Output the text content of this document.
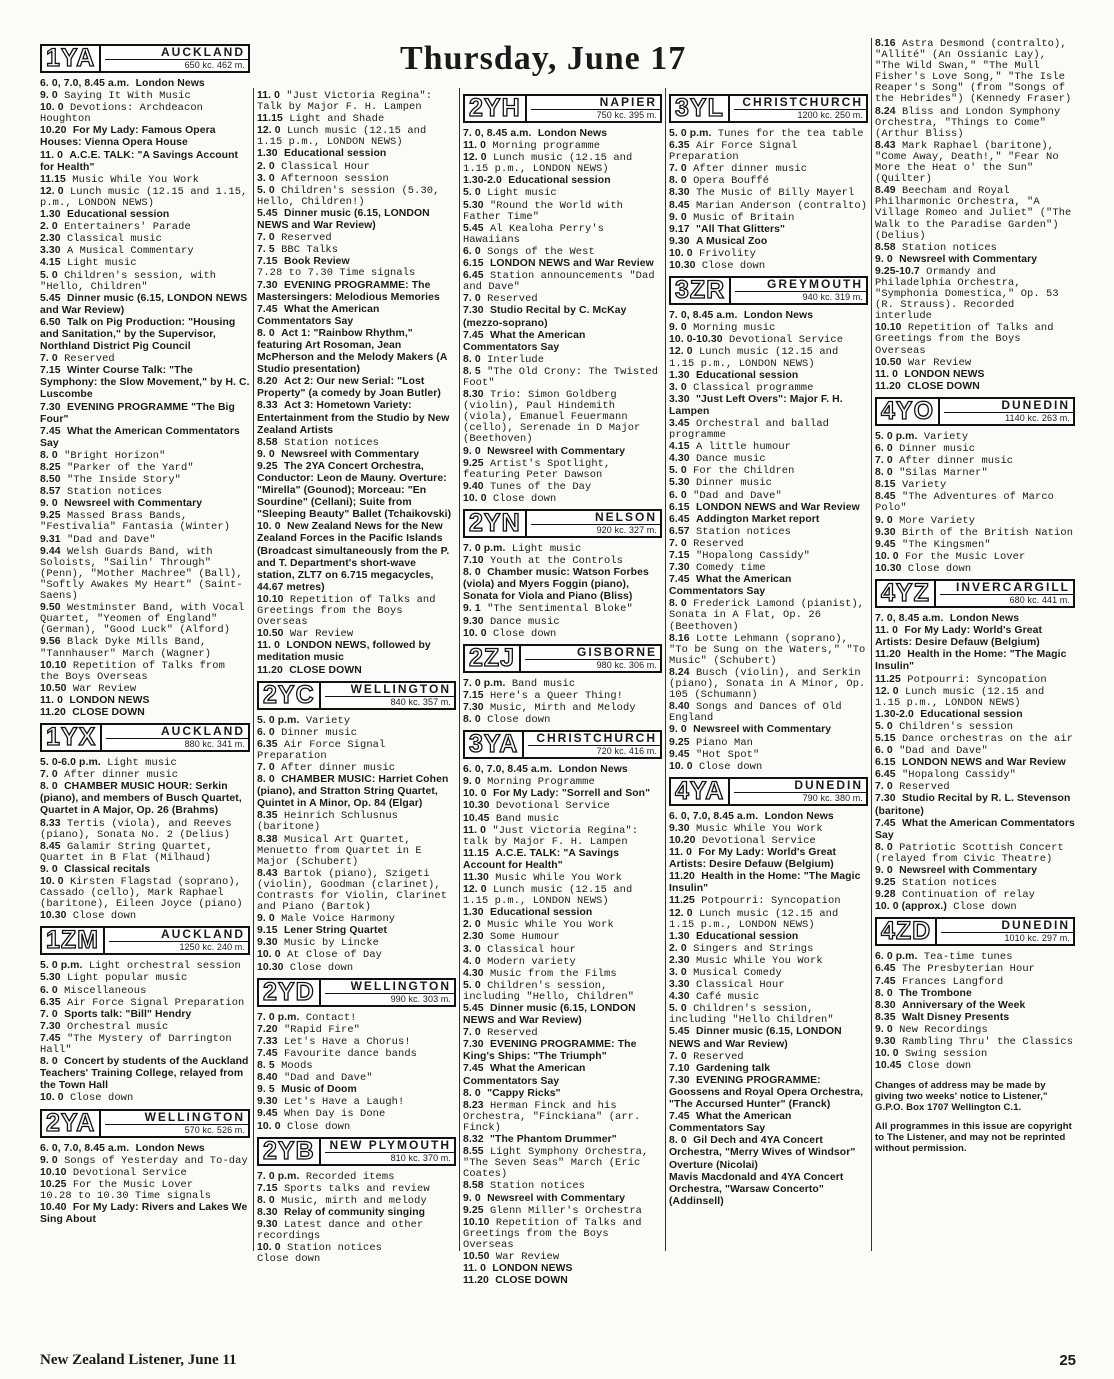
Thursday, June 17
1YA	AUCKLAND
650 kc. 462 m.
6. 0, 7.0, 8.45 a.m. London News
9. 0 Saying It With Music
10. 0 Devotions: Archdeacon Houghton
10.20 For My Lady: Famous Opera Houses: Vienna Opera House
11. 0 A.C.E. TALK: "A Savings Account for Health"
11.15 Music While You Work
12. 0 Lunch music (12.15 and 1.15, p.m., LONDON NEWS)
1.30 Educational session
2. 0 Entertainers' Parade
2.30 Classical music
3.30 A Musical Commentary
4.15 Light music
5. 0 Children's session, with "Hello, Children"
5.45 Dinner music (6.15, LONDON NEWS and War Review)
6.50 Talk on Pig Production: "Housing and Sanitation," by the Supervisor, Northland District Pig Council
7. 0 Reserved
7.15 Winter Course Talk: "The Symphony: the Slow Movement," by H. C. Luscombe
7.30 EVENING PROGRAMME "The Big Four"
7.45 What the American Commentators Say
8. 0 "Bright Horizon"
8.25 "Parker of the Yard"
8.50 "The Inside Story"
8.57 Station notices
9. 0 Newsreel with Commentary
9.25 Massed Brass Bands, "Festivalia" Fantasia (Winter)
9.31 "Dad and Dave"
9.44 Welsh Guards Band, with Soloists, "Sailin' Through" (Penn), "Mother Machree" (Ball), "Softly Awakes My Heart" (Saint-Saens)
9.50 Westminster Band, with Vocal Quartet, "Yeomen of England" (German), "Good Luck" (Alford)
9.56 Black Dyke Mills Band, "Tannhauser" March (Wagner)
10.10 Repetition of Talks from the Boys Overseas
10.50 War Review
11. 0 LONDON NEWS
11.20 CLOSE DOWN
1YX	AUCKLAND
880 kc. 341 m.
5. 0-6.0 p.m. Light music
7. 0 After dinner music
8. 0 CHAMBER MUSIC HOUR: Serkin (piano), and members of Busch Quartet, Quartet in A Major, Op. 26 (Brahms)
8.33 Tertis (viola), and Reeves (piano), Sonata No. 2 (Delius)
8.45 Galamir String Quartet, Quartet in B Flat (Milhaud)
9. 0 Classical recitals
10. 0 Kirsten Flagstad (soprano), Cassado (cello), Mark Raphael (baritone), Eileen Joyce (piano)
10.30 Close down
1ZM	AUCKLAND
1250 kc. 240 m.
5. 0 p.m. Light orchestral session
5.30 Light popular music
6. 0 Miscellaneous
6.35 Air Force Signal Preparation
7. 0 Sports talk: "Bill" Hendry
7.30 Orchestral music
7.45 "The Mystery of Darrington Hall"
8. 0 Concert by students of the Auckland Teachers' Training College, relayed from the Town Hall
10. 0 Close down
2YA	WELLINGTON
570 kc. 526 m.
6. 0, 7.0, 8.45 a.m. London News
9. 0 Songs of Yesterday and To-day
10.10 Devotional Service
10.25 For the Music Lover
10.28 to 10.30 Time signals
10.40 For My Lady: Rivers and Lakes We Sing About
11. 0 "Just Victoria Regina": Talk by Major F. H. Lampen
11.15 Light and Shade
12. 0 Lunch music (12.15 and 1.15 p.m., LONDON NEWS)
1.30 Educational session
2. 0 Classical Hour
3. 0 Afternoon session
5. 0 Children's session (5.30, Hello, Children!)
5.45 Dinner music (6.15, LONDON NEWS and War Review)
7. 0 Reserved
7. 5 BBC Talks
7.15 Book Review
7.28 to 7.30 Time signals
7.30 EVENING PROGRAMME: The Mastersingers: Melodious Memories
7.45 What the American Commentators Say
8. 0 Act 1: "Rainbow Rhythm," featuring Art Rosoman, Jean McPherson and the Melody Makers (A Studio presentation)
8.20 Act 2: Our new Serial: "Lost Property" (a comedy by Joan Butler)
8.33 Act 3: Hometown Variety: Entertainment from the Studio by New Zealand Artists
8.58 Station notices
9. 0 Newsreel with Commentary
9.25 The 2YA Concert Orchestra, Conductor: Leon de Mauny. Overture: "Mirella" (Gounod); Morceau: "En Sourdine" (Cellani); Suite from "Sleeping Beauty" Ballet (Tchaikovski)
10. 0 New Zealand News for the New Zealand Forces in the Pacific Islands (Broadcast simultaneously from the P. and T. Department's short-wave station, ZLT7 on 6.715 megacycles, 44.67 metres)
10.10 Repetition of Talks and Greetings from the Boys Overseas
10.50 War Review
11. 0 LONDON NEWS, followed by meditation music
11.20 CLOSE DOWN
2YC	WELLINGTON
840 kc. 357 m.
5. 0 p.m. Variety
6. 0 Dinner music
6.35 Air Force Signal Preparation
7. 0 After dinner music
8. 0 CHAMBER MUSIC: Harriet Cohen (piano), and Stratton String Quartet, Quintet in A Minor, Op. 84 (Elgar)
8.35 Heinrich Schlusnus (baritone)
8.38 Musical Art Quartet, Menuetto from Quartet in E Major (Schubert)
8.43 Bartok (piano), Szigeti (violin), Goodman (clarinet), Contrasts for Violin, Clarinet and Piano (Bartok)
9. 0 Male Voice Harmony
9.15 Lener String Quartet
9.30 Music by Lincke
10. 0 At Close of Day
10.30 Close down
2YD	WELLINGTON
990 kc. 303 m.
7. 0 p.m. Contact!
7.20 "Rapid Fire"
7.33 Let's Have a Chorus!
7.45 Favourite dance bands
8. 5 Moods
8.40 "Dad and Dave"
9. 5 Music of Doom
9.30 Let's Have a Laugh!
9.45 When Day is Done
10. 0 Close down
2YB	NEW PLYMOUTH
810 kc. 370 m.
7. 0 p.m. Recorded items
7.15 Sports talks and review
8. 0 Music, mirth and melody
8.30 Relay of community singing
9.30 Latest dance and other recordings
10. 0 Station notices
Close down
2YH	NAPIER
750 kc. 395 m.
7. 0, 8.45 a.m. London News
11. 0 Morning programme
12. 0 Lunch music (12.15 and 1.15 p.m., LONDON NEWS)
1.30-2.0 Educational session
5. 0 Light music
5.30 "Round the World with Father Time"
5.45 Al Kealoha Perry's Hawaiians
6. 0 Songs of the West
6.15 LONDON NEWS and War Review
6.45 Station announcements "Dad and Dave"
7. 0 Reserved
7.30 Studio Recital by C. McKay (mezzo-soprano)
7.45 What the American Commentators Say
8. 0 Interlude
8. 5 "The Old Crony: The Twisted Foot"
8.30 Trio: Simon Goldberg (violin), Paul Hindemith (viola), Emanuel Feuermann (cello), Serenade in D Major (Beethoven)
9. 0 Newsreel with Commentary
9.25 Artist's Spotlight, featuring Peter Dawson
9.40 Tunes of the Day
10. 0 Close down
2YN	NELSON
920 kc. 327 m.
7. 0 p.m. Light music
7.10 Youth at the Controls
8. 0 Chamber music: Watson Forbes (viola) and Myers Foggin (piano), Sonata for Viola and Piano (Bliss)
9. 1 "The Sentimental Bloke"
9.30 Dance music
10. 0 Close down
2ZJ	GISBORNE
980 kc. 306 m.
7. 0 p.m. Band music
7.15 Here's a Queer Thing!
7.30 Music, Mirth and Melody
8. 0 Close down
3YA	CHRISTCHURCH
720 kc. 416 m.
6. 0, 7.0, 8.45 a.m. London News
9. 0 Morning Programme
10. 0 For My Lady: "Sorrell and Son"
10.30 Devotional Service
10.45 Band music
11. 0 "Just Victoria Regina": talk by Major F. H. Lampen
11.15 A.C.E. TALK: "A Savings Account for Health"
11.30 Music While You Work
12. 0 Lunch music (12.15 and 1.15 p.m., LONDON NEWS)
1.30 Educational session
2. 0 Music While You Work
2.30 Some Humour
3. 0 Classical hour
4. 0 Modern variety
4.30 Music from the Films
5. 0 Children's session, including "Hello, Children"
5.45 Dinner music (6.15, LONDON NEWS and War Review)
7. 0 Reserved
7.30 EVENING PROGRAMME: The King's Ships: "The Triumph"
7.45 What the American Commentators Say
8. 0 "Cappy Ricks"
8.23 Herman Finck and his Orchestra, "Finckiana" (arr. Finck)
8.32 "The Phantom Drummer"
8.55 Light Symphony Orchestra, "The Seven Seas" March (Eric Coates)
8.58 Station notices
9. 0 Newsreel with Commentary
9.25 Glenn Miller's Orchestra
10.10 Repetition of Talks and Greetings from the Boys Overseas
10.50 War Review
11. 0 LONDON NEWS
11.20 CLOSE DOWN
3YL	CHRISTCHURCH
1200 kc. 250 m.
5. 0 p.m. Tunes for the tea table
6.35 Air Force Signal Preparation
7. 0 After dinner music
8. 0 Opera Bouffé
8.30 The Music of Billy Mayerl
8.45 Marian Anderson (contralto)
9. 0 Music of Britain
9.17 "All That Glitters"
9.30 A Musical Zoo
10. 0 Frivolity
10.30 Close down
3ZR	GREYMOUTH
940 kc. 319 m.
7. 0, 8.45 a.m. London News
9. 0 Morning music
10. 0-10.30 Devotional Service
12. 0 Lunch music (12.15 and 1.15 p.m., LONDON NEWS)
1.30 Educational session
3. 0 Classical programme
3.30 "Just Left Overs": Major F. H. Lampen
3.45 Orchestral and ballad programme
4.15 A little humour
4.30 Dance music
5. 0 For the Children
5.30 Dinner music
6. 0 "Dad and Dave"
6.15 LONDON NEWS and War Review
6.45 Addington Market report
6.57 Station notices
7. 0 Reserved
7.15 "Hopalong Cassidy"
7.30 Comedy time
7.45 What the American Commentators Say
8. 0 Frederick Lamond (pianist), Sonata in A Flat, Op. 26 (Beethoven)
8.16 Lotte Lehmann (soprano), "To be Sung on the Waters," "To Music" (Schubert)
8.24 Busch (violin), and Serkin (piano), Sonata in A Minor, Op. 105 (Schumann)
8.40 Songs and Dances of Old England
9. 0 Newsreel with Commentary
9.25 Piano Man
9.45 "Hot Spot"
10. 0 Close down
4YA	DUNEDIN
790 kc. 380 m.
6. 0, 7.0, 8.45 a.m. London News
9.30 Music While You Work
10.20 Devotional Service
11. 0 For My Lady: World's Great Artists: Desire Defauw (Belgium)
11.20 Health in the Home: "The Magic Insulin"
11.25 Potpourri: Syncopation
12. 0 Lunch music (12.15 and 1.15 p.m., LONDON NEWS)
1.30 Educational session
2. 0 Singers and Strings
2.30 Music While You Work
3. 0 Musical Comedy
3.30 Classical Hour
4.30 Café music
5. 0 Children's session, including "Hello Children"
5.45 Dinner music (6.15, LONDON NEWS and War Review)
7. 0 Reserved
7.10 Gardening talk
7.30 EVENING PROGRAMME: Goossens and Royal Opera Orchestra, "The Accursed Hunter" (Franck)
7.45 What the American Commentators Say
8. 0 Gil Dech and 4YA Concert Orchestra, "Merry Wives of Windsor" Overture (Nicolai)
Mavis Macdonald and 4YA Concert Orchestra, "Warsaw Concerto" (Addinsell)
8.16 Astra Desmond (contralto), "Allité" (An Ossianic Lay), "The Wild Swan," "The Mull Fisher's Love Song," "The Isle Reaper's Song" (from "Songs of the Hebrides") (Kennedy Fraser)
8.24 Bliss and London Symphony Orchestra, "Things to Come" (Arthur Bliss)
8.43 Mark Raphael (baritone), "Come Away, Death!," "Fear No More the Heat o' the Sun" (Quilter)
8.49 Beecham and Royal Philharmonic Orchestra, "A Village Romeo and Juliet" ("The Walk to the Paradise Garden") (Delius)
8.58 Station notices
9. 0 Newsreel with Commentary
9.25-10.7 Ormandy and Philadelphia Orchestra, "Symphonia Domestica," Op. 53 (R. Strauss). Recorded interlude
10.10 Repetition of Talks and Greetings from the Boys Overseas
10.50 War Review
11. 0 LONDON NEWS
11.20 CLOSE DOWN
4YO	DUNEDIN
1140 kc. 263 m.
5. 0 p.m. Variety
6. 0 Dinner music
7. 0 After dinner music
8. 0 "Silas Marner"
8.15 Variety
8.45 "The Adventures of Marco Polo"
9. 0 More Variety
9.30 Birth of the British Nation
9.45 "The Kingsmen"
10. 0 For the Music Lover
10.30 Close down
4YZ	INVERCARGILL
680 kc. 441 m.
7. 0, 8.45 a.m. London News
11. 0 For My Lady: World's Great Artists: Desire Defauw (Belgium)
11.20 Health in the Home: "The Magic Insulin"
11.25 Potpourri: Syncopation
12. 0 Lunch music (12.15 and 1.15 p.m., LONDON NEWS)
1.30-2.0 Educational session
5. 0 Children's session
5.15 Dance orchestras on the air
6. 0 "Dad and Dave"
6.15 LONDON NEWS and War Review
6.45 "Hopalong Cassidy"
7. 0 Reserved
7.30 Studio Recital by R. L. Stevenson (baritone)
7.45 What the American Commentators Say
8. 0 Patriotic Scottish Concert (relayed from Civic Theatre)
9. 0 Newsreel with Commentary
9.25 Station notices
9.28 Continuation of relay
10. 0 (approx.) Close down
4ZD	DUNEDIN
1010 kc. 297 m.
6. 0 p.m. Tea-time tunes
6.45 The Presbyterian Hour
7.45 Frances Langford
8. 0 The Trombone
8.30 Anniversary of the Week
8.35 Walt Disney Presents
9. 0 New Recordings
9.30 Rambling Thru' the Classics
10. 0 Swing session
10.45 Close down
Changes of address may be made by giving two weeks' notice to Listener," G.P.O. Box 1707 Wellington C.1.
All programmes in this issue are copyright to The Listener, and may not be reprinted without permission.
New Zealand Listener, June 11	25
